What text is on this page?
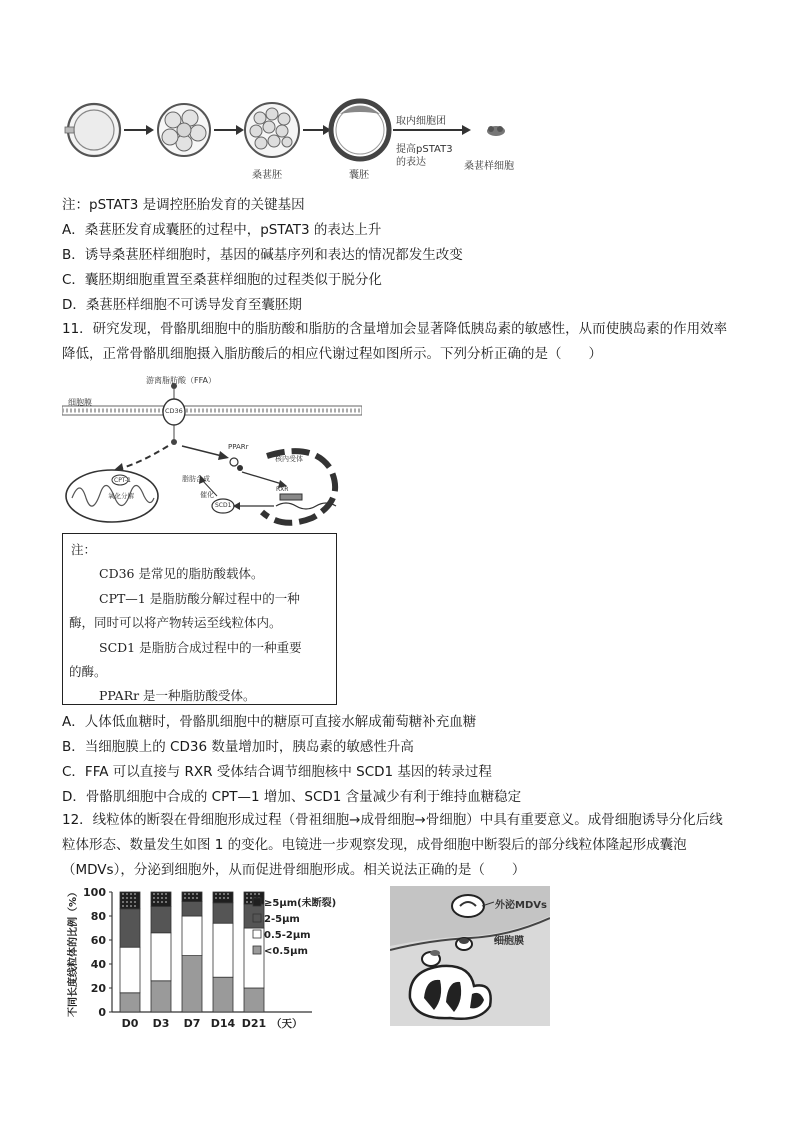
桑葚胚	囊胚
取内细胞团
提高pSTAT3
的表达	桑葚样细胞
注：pSTAT3 是调控胚胎发育的关键基因
A．桑葚胚发育成囊胚的过程中，pSTAT3 的表达上升
B．诱导桑葚胚样细胞时，基因的碱基序列和表达的情况都发生改变
C．囊胚期细胞重置至桑葚样细胞的过程类似于脱分化
D．桑葚胚样细胞不可诱导发育至囊胚期
11．研究发现，骨骼肌细胞中的脂肪酸和脂肪的含量增加会显著降低胰岛素的敏感性，从而使胰岛素的作用效率降低，正常骨骼肌细胞摄入脂肪酸后的相应代谢过程如图所示。下列分析正确的是（　　）
游离脂肪酸（FFA）
细胞膜
CD36
PPARr
核内受体
RXR
脂肪合成
催化
SCD1
CPT-1
氧化分解
注：
CD36 是常见的脂肪酸载体。
CPT—1 是脂肪酸分解过程中的一种
酶，同时可以将产物转运至线粒体内。
SCD1 是脂肪合成过程中的一种重要
的酶。
PPARr 是一种脂肪酸受体。
A．人体低血糖时，骨骼肌细胞中的糖原可直接水解成葡萄糖补充血糖
B．当细胞膜上的 CD36 数量增加时，胰岛素的敏感性升高
C．FFA 可以直接与 RXR 受体结合调节细胞核中 SCD1 基因的转录过程
D．骨骼肌细胞中合成的 CPT—1 增加、SCD1 含量减少有利于维持血糖稳定
12．线粒体的断裂在骨细胞形成过程（骨祖细胞→成骨细胞→骨细胞）中具有重要意义。成骨细胞诱导分化后线粒体形态、数量发生如图 1 的变化。电镜进一步观察发现，成骨细胞中断裂后的部分线粒体隆起形成囊泡（MDVs），分泌到细胞外，从而促进骨细胞形成。相关说法正确的是（　　）
0
20
40
60
80
100
不同长度线粒体的比例（%）
D0 D3 D7 D14 D21 （天）
≥5μm(未断裂)
2-5μm
0.5-2μm
<0.5μm
外泌MDVs
细胞膜
